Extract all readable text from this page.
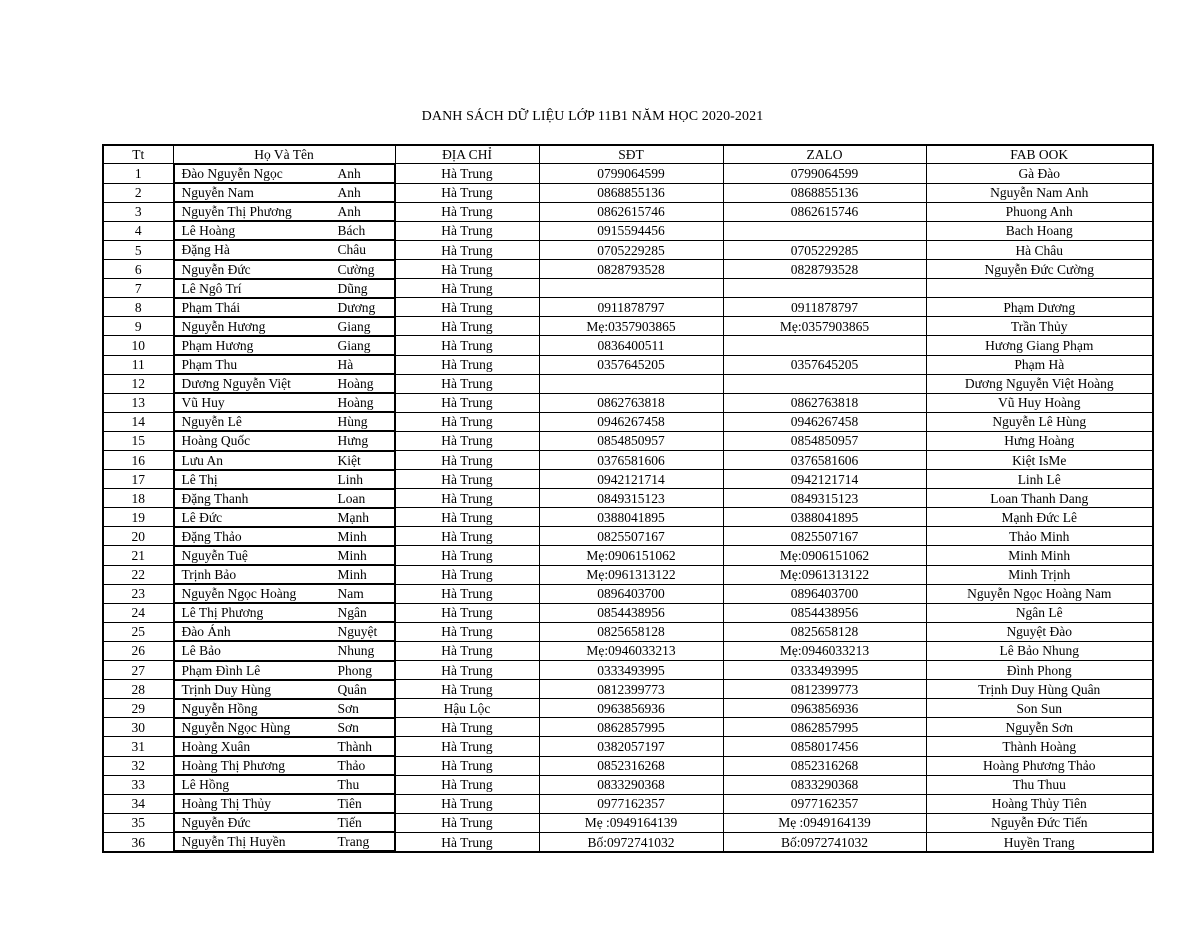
DANH SÁCH DỮ LIỆU LỚP 11B1 NĂM HỌC 2020-2021
Tt	Họ Và Tên	ĐỊA CHỈ	SĐT	ZALO	FAB OOK
1		Đào Nguyễn Ngọc	Anh	Hà Trung	0799064599	0799064599	Gà Đào
2		Nguyễn Nam	Anh	Hà Trung	0868855136	0868855136	Nguyễn Nam Anh
3		Nguyễn Thị Phương	Anh	Hà Trung	0862615746	0862615746	Phuong Anh
4		Lê Hoàng	Bách	Hà Trung	0915594456		Bach Hoang
5		Đặng Hà	Châu	Hà Trung	0705229285	0705229285	Hà Châu
6		Nguyễn Đức	Cường	Hà Trung	0828793528	0828793528	Nguyễn Đức Cường
7		Lê Ngô Trí	Dũng	Hà Trung			
8		Phạm Thái	Dương	Hà Trung	0911878797	0911878797	Phạm Dương
9		Nguyễn Hương	Giang	Hà Trung	Mẹ:0357903865	Mẹ:0357903865	Trần Thủy
10		Phạm Hương	Giang	Hà Trung	0836400511		Hương Giang Phạm
11		Phạm Thu	Hà	Hà Trung	0357645205	0357645205	Phạm Hà
12		Dương Nguyễn Việt	Hoàng	Hà Trung			Dương Nguyễn Việt Hoàng
13		Vũ Huy	Hoàng	Hà Trung	0862763818	0862763818	Vũ Huy Hoàng
14		Nguyễn Lê	Hùng	Hà Trung	0946267458	0946267458	Nguyễn Lê Hùng
15		Hoàng Quốc	Hưng	Hà Trung	0854850957	0854850957	Hưng Hoàng
16		Lưu An	Kiệt	Hà Trung	0376581606	0376581606	Kiệt IsMe
17		Lê Thị	Linh	Hà Trung	0942121714	0942121714	Linh Lê
18		Đặng Thanh	Loan	Hà Trung	0849315123	0849315123	Loan Thanh Dang
19		Lê Đức	Mạnh	Hà Trung	0388041895	0388041895	Mạnh Đức Lê
20		Đặng Thảo	Minh	Hà Trung	0825507167	0825507167	Thảo Minh
21		Nguyễn Tuệ	Minh	Hà Trung	Mẹ:0906151062	Mẹ:0906151062	Minh Minh
22		Trịnh Bảo	Minh	Hà Trung	Mẹ:0961313122	Mẹ:0961313122	Minh Trịnh
23		Nguyễn Ngọc Hoàng	Nam	Hà Trung	0896403700	0896403700	Nguyễn Ngọc Hoàng Nam
24		Lê Thị Phương	Ngân	Hà Trung	0854438956	0854438956	Ngân Lê
25		Đào Ánh	Nguyệt	Hà Trung	0825658128	0825658128	Nguyệt Đào
26		Lê Bảo	Nhung	Hà Trung	Mẹ:0946033213	Mẹ:0946033213	Lê Bảo Nhung
27		Phạm Đình Lê	Phong	Hà Trung	0333493995	0333493995	Đình Phong
28		Trịnh Duy Hùng	Quân	Hà Trung	0812399773	0812399773	Trịnh Duy Hùng Quân
29		Nguyễn Hồng	Sơn	Hậu Lộc	0963856936	0963856936	Son Sun
30		Nguyễn Ngọc Hùng	Sơn	Hà Trung	0862857995	0862857995	Nguyễn Sơn
31		Hoàng Xuân	Thành	Hà Trung	0382057197	0858017456	Thành Hoàng
32		Hoàng Thị Phương	Thảo	Hà Trung	0852316268	0852316268	Hoàng Phương Thảo
33		Lê Hồng	Thu	Hà Trung	0833290368	0833290368	Thu Thuu
34		Hoàng Thị Thủy	Tiên	Hà Trung	0977162357	0977162357	Hoàng Thủy Tiên
35		Nguyễn Đức	Tiến	Hà Trung	Mẹ :0949164139	Mẹ :0949164139	Nguyễn Đức Tiến
36		Nguyễn Thị Huyền	Trang	Hà Trung	Bố:0972741032	Bố:0972741032	Huyền Trang
